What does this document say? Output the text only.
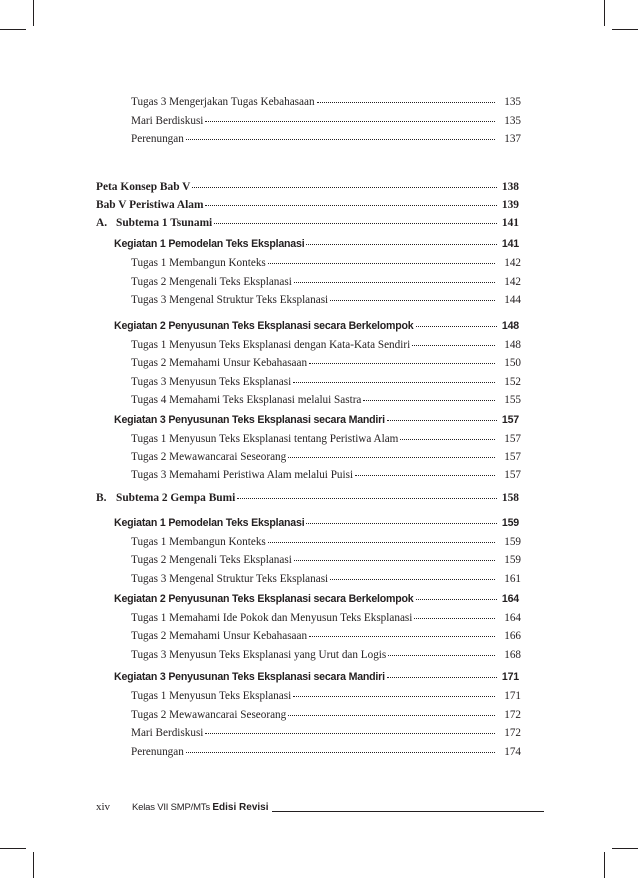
Tugas 3 Mengerjakan Tugas Kebahasaan	135
Mari Berdiskusi	135
Perenungan	137
Peta Konsep Bab V	138
Bab V Peristiwa Alam	139
A. Subtema 1 Tsunami	141
Kegiatan 1 Pemodelan Teks Eksplanasi	141
Tugas 1 Membangun Konteks	142
Tugas 2 Mengenali Teks Eksplanasi	142
Tugas 3 Mengenal Struktur Teks Eksplanasi	144
Kegiatan 2 Penyusunan Teks Eksplanasi secara Berkelompok	148
Tugas 1 Menyusun Teks Eksplanasi dengan Kata-Kata Sendiri	148
Tugas 2 Memahami Unsur Kebahasaan	150
Tugas 3 Menyusun Teks Eksplanasi	152
Tugas 4 Memahami Teks Eksplanasi melalui Sastra	155
Kegiatan 3 Penyusunan Teks Eksplanasi secara Mandiri	157
Tugas 1 Menyusun Teks Eksplanasi tentang Peristiwa Alam	157
Tugas 2 Mewawancarai Seseorang	157
Tugas 3 Memahami Peristiwa Alam melalui Puisi	157
B. Subtema 2 Gempa Bumi	158
Kegiatan 1 Pemodelan Teks Eksplanasi	159
Tugas 1 Membangun Konteks	159
Tugas 2 Mengenali Teks Eksplanasi	159
Tugas 3 Mengenal Struktur Teks Eksplanasi	161
Kegiatan 2 Penyusunan Teks Eksplanasi secara Berkelompok	164
Tugas 1 Memahami Ide Pokok dan Menyusun Teks Eksplanasi	164
Tugas 2 Memahami Unsur Kebahasaan	166
Tugas 3 Menyusun Teks Eksplanasi yang Urut dan Logis	168
Kegiatan 3 Penyusunan Teks Eksplanasi secara Mandiri	171
Tugas 1 Menyusun Teks Eksplanasi	171
Tugas 2 Mewawancarai Seseorang	172
Mari Berdiskusi	172
Perenungan	174
xiv Kelas VII SMP/MTs Edisi Revisi
